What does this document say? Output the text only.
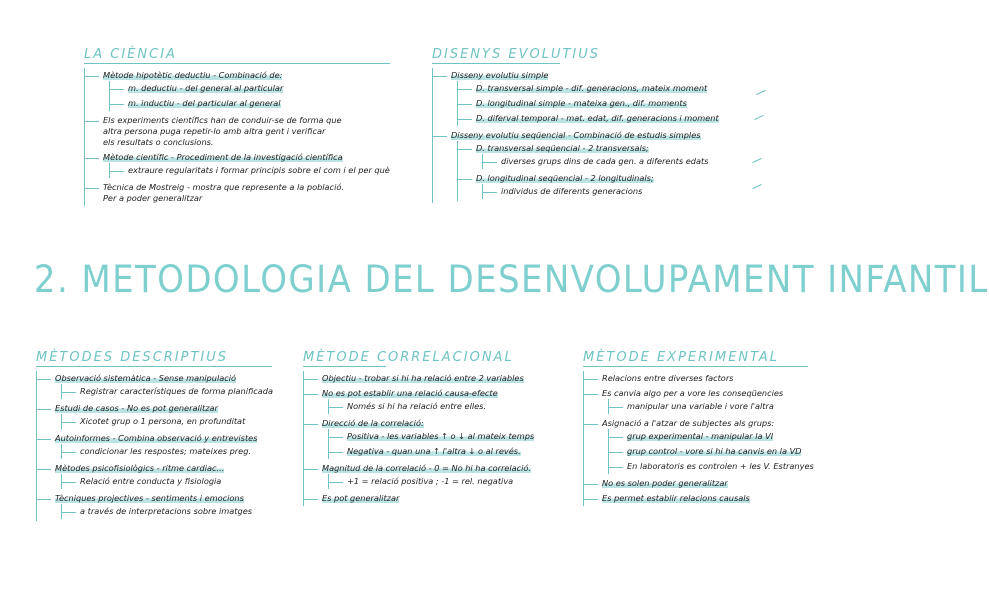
LA CIÈNCIA
Mètode hipotètic deductiu - Combinació de:
m. deductiu - del general al particular
m. inductiu - del particular al general
Els experiments científics han de conduir-se de forma que
altra persona puga repetir-lo amb altra gent i verificar
els resultats o conclusions.
Mètode científic - Procediment de la investigació científica
extraure regularitats i formar principis sobre el com i el per què
Tècnica de Mostreig - mostra que represente a la població.
Per a poder generalitzar
DISENYS EVOLUTIUS
Disseny evolutiu simple
D. transversal simple - dif. generacions, mateix moment
D. longitudinal simple - mateixa gen., dif. moments
D. diferval temporal - mat. edat, dif. generacions i moment
Disseny evolutiu seqüencial - Combinació de estudis simples
D. transversal seqüencial - 2 transversals;
diverses grups dins de cada gen. a diferents edats
D. longitudinal seqüencial - 2 longitudinals;
individus de diferents generacions
2. METODOLOGIA DEL DESENVOLUPAMENT INFANTIL
MÈTODES DESCRIPTIUS
Observació sistemàtica - Sense manipulació
Registrar característiques de forma planificada
Estudi de casos - No es pot generalitzar
Xicotet grup o 1 persona, en profunditat
Autoinformes - Combina observació y entrevistes
condicionar les respostes; mateixes preg.
Mètodes psicofisiològics - ritme cardiac...
Relació entre conducta y fisiologia
Tècniques projectives - sentiments i emocions
a través de interpretacions sobre imatges
MÈTODE CORRELACIONAL
Objectiu - trobar si hi ha relació entre 2 variables
No es pot establir una relació causa-efecte
Només si hi ha relació entre elles.
Direcció de la correlació:
Positiva - les variables ↑ o ↓ al mateix temps
Negativa - quan una ↑ l'altra ↓ o al revés.
Magnitud de la correlació - 0 = No hi ha correlació.
+1 = relació positiva ; -1 = rel. negativa
Es pot generalitzar
MÈTODE EXPERIMENTAL
Relacions entre diverses factors
Es canvia algo per a vore les conseqüencies
manipular una variable i vore l'altra
Asignació a l'atzar de subjectes als grups:
grup experimental - manipular la VI
grup control - vore si hi ha canvis en la VD
En laboratoris es controlen + les V. Estranyes
No es solen poder generalitzar
Es permet establir relacions causals
